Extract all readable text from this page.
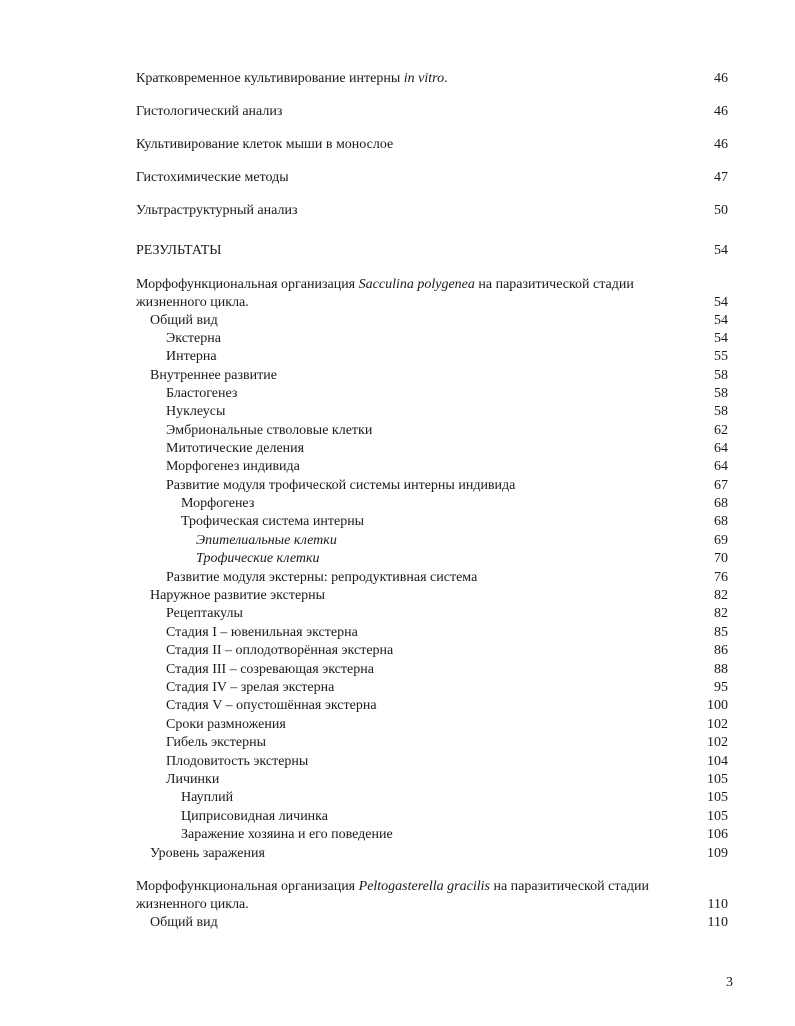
Кратковременное культивирование интерны in vitro.	46
Гистологический анализ	46
Культивирование клеток мыши в монослое	46
Гистохимические методы	47
Ультраструктурный анализ	50
РЕЗУЛЬТАТЫ	54
Морфофункциональная организация Sacculina polygenea на паразитической стадии
жизненного цикла.	54
Общий вид	54
Экстерна	54
Интерна	55
Внутреннее развитие	58
Бластогенез	58
Нуклеусы	58
Эмбриональные стволовые клетки	62
Митотические деления	64
Морфогенез индивида	64
Развитие модуля трофической системы интерны индивида	67
Морфогенез	68
Трофическая система интерны	68
Эпителиальные клетки	69
Трофические клетки	70
Развитие модуля экстерны: репродуктивная система	76
Наружное развитие экстерны	82
Рецептакулы	82
Стадия I – ювенильная экстерна	85
Стадия II – оплодотворённая экстерна	86
Стадия III – созревающая экстерна	88
Стадия IV – зрелая экстерна	95
Стадия V – опустошённая экстерна	100
Сроки размножения	102
Гибель экстерны	102
Плодовитость экстерны	104
Личинки	105
Науплий	105
Циприсовидная личинка	105
Заражение хозяина и его поведение	106
Уровень заражения	109
Морфофункциональная организация Peltogasterella gracilis на паразитической стадии
жизненного цикла.	110
Общий вид	110
3
